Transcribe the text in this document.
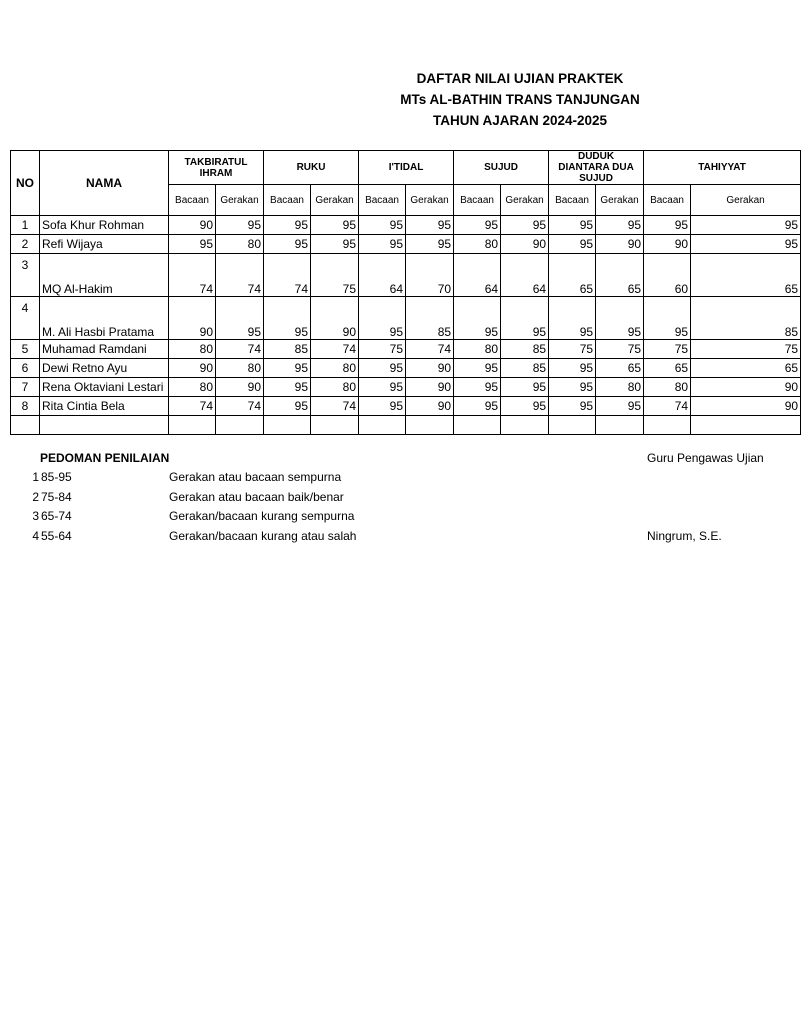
DAFTAR NILAI UJIAN PRAKTEK
MTs AL-BATHIN TRANS TANJUNGAN
TAHUN AJARAN 2024-2025
NO	NAMA	TAKBIRATUL IHRAM		RUKU		I'TIDAL		SUJUD		DUDUK DIANTARA DUA SUJUD		TAHIYYAT	
		Bacaan	Gerakan	Bacaan	Gerakan	Bacaan	Gerakan	Bacaan	Gerakan	Bacaan	Gerakan	Bacaan	Gerakan
1	Sofa Khur Rohman	90	95	95	95	95	95	95	95	95	95	95	95
2	Refi Wijaya	95	80	95	95	95	95	80	90	95	90	90	95
3	MQ Al-Hakim	74	74	74	75	64	70	64	64	65	65	60	65
4	M. Ali Hasbi Pratama	90	95	95	90	95	85	95	95	95	95	95	85
5	Muhamad Ramdani	80	74	85	74	75	74	80	85	75	75	75	75
6	Dewi Retno Ayu	90	80	95	80	95	90	95	85	95	65	65	65
7	Rena Oktaviani Lestari	80	90	95	80	95	90	95	95	95	80	80	90
8	Rita Cintia Bela	74	74	95	74	95	90	95	95	95	95	74	90

PEDOMAN PENILAIAN	Guru Pengawas Ujian
1 85-95	Gerakan atau bacaan sempurna
2 75-84	Gerakan atau bacaan baik/benar
3 65-74	Gerakan/bacaan kurang sempurna
4 55-64	Gerakan/bacaan kurang atau salah	Ningrum, S.E.
